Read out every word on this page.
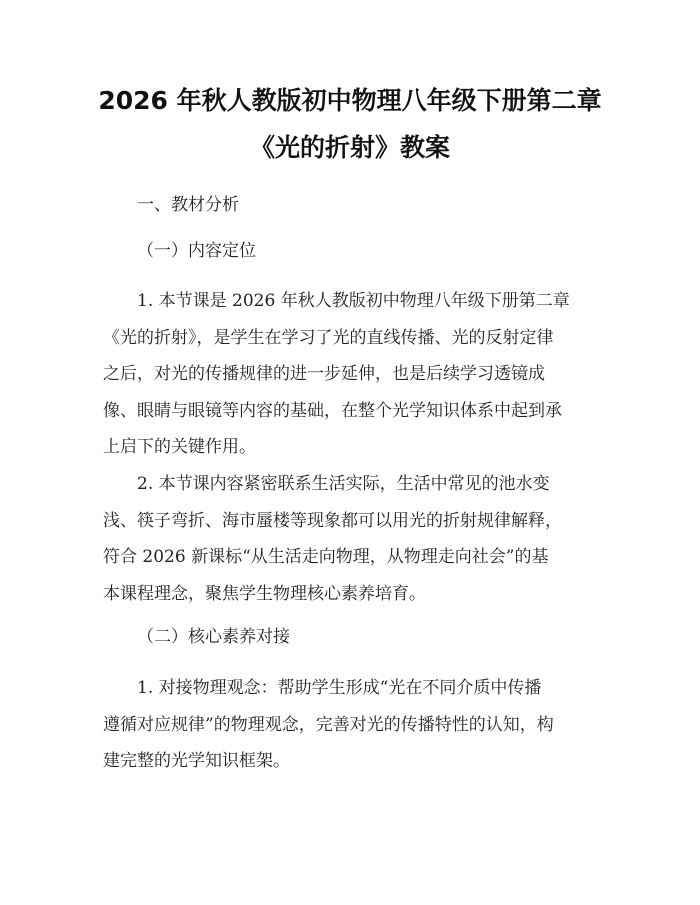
2026 年秋人教版初中物理八年级下册第二章
《光的折射》教案
一、教材分析
（一）内容定位
1. 本节课是 2026 年秋人教版初中物理八年级下册第二章
《光的折射》，是学生在学习了光的直线传播、光的反射定律
之后，对光的传播规律的进一步延伸，也是后续学习透镜成
像、眼睛与眼镜等内容的基础，在整个光学知识体系中起到承
上启下的关键作用。
2. 本节课内容紧密联系生活实际，生活中常见的池水变
浅、筷子弯折、海市蜃楼等现象都可以用光的折射规律解释，
符合 2026 新课标“从生活走向物理，从物理走向社会”的基
本课程理念，聚焦学生物理核心素养培育。
（二）核心素养对接
1. 对接物理观念：帮助学生形成“光在不同介质中传播
遵循对应规律”的物理观念，完善对光的传播特性的认知，构
建完整的光学知识框架。
